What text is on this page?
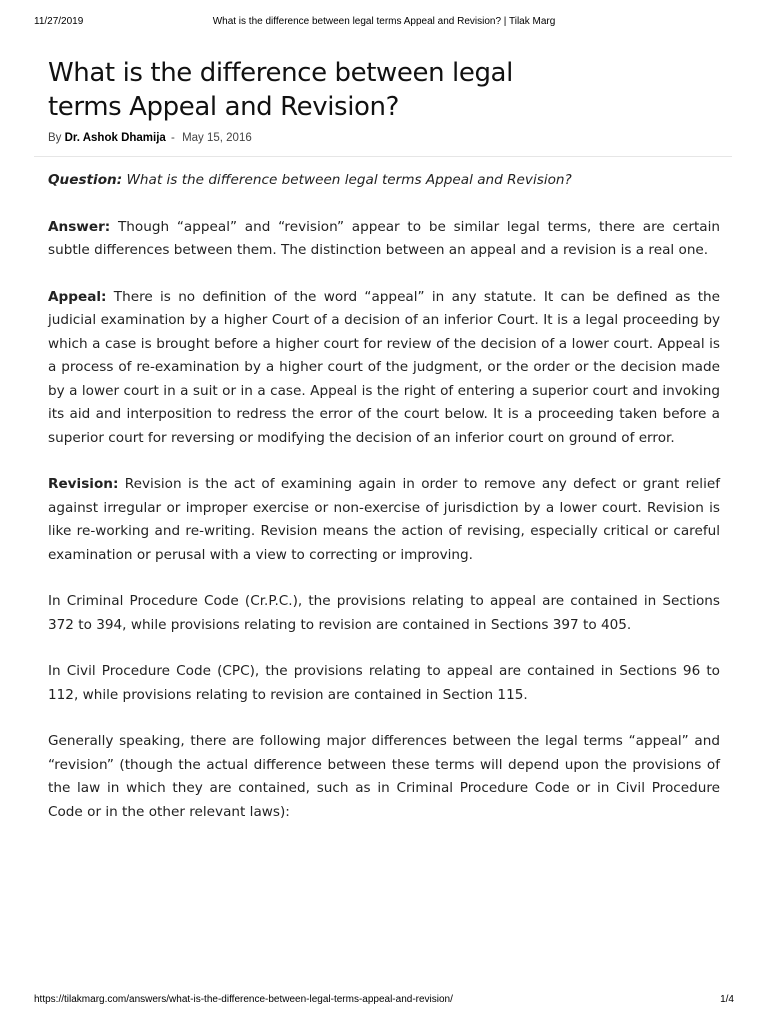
11/27/2019	What is the difference between legal terms Appeal and Revision? | Tilak Marg
What is the difference between legal terms Appeal and Revision?
By Dr. Ashok Dhamija - May 15, 2016

Question: What is the difference between legal terms Appeal and Revision?

Answer: Though “appeal” and “revision” appear to be similar legal terms, there are certain subtle differences between them. The distinction between an appeal and a revision is a real one.

Appeal: There is no definition of the word “appeal” in any statute. It can be defined as the judicial examination by a higher Court of a decision of an inferior Court. It is a legal proceeding by which a case is brought before a higher court for review of the decision of a lower court. Appeal is a process of re-examination by a higher court of the judgment, or the order or the decision made by a lower court in a suit or in a case. Appeal is the right of entering a superior court and invoking its aid and interposition to redress the error of the court below. It is a proceeding taken before a superior court for reversing or modifying the decision of an inferior court on ground of error.

Revision: Revision is the act of examining again in order to remove any defect or grant relief against irregular or improper exercise or non-exercise of jurisdiction by a lower court. Revision is like re-working and re-writing. Revision means the action of revising, especially critical or careful examination or perusal with a view to correcting or improving.

In Criminal Procedure Code (Cr.P.C.), the provisions relating to appeal are contained in Sections 372 to 394, while provisions relating to revision are contained in Sections 397 to 405.

In Civil Procedure Code (CPC), the provisions relating to appeal are contained in Sections 96 to 112, while provisions relating to revision are contained in Section 115.

Generally speaking, there are following major differences between the legal terms “appeal” and “revision” (though the actual difference between these terms will depend upon the provisions of the law in which they are contained, such as in Criminal Procedure Code or in Civil Procedure Code or in the other relevant laws):

https://tilakmarg.com/answers/what-is-the-difference-between-legal-terms-appeal-and-revision/	1/4
